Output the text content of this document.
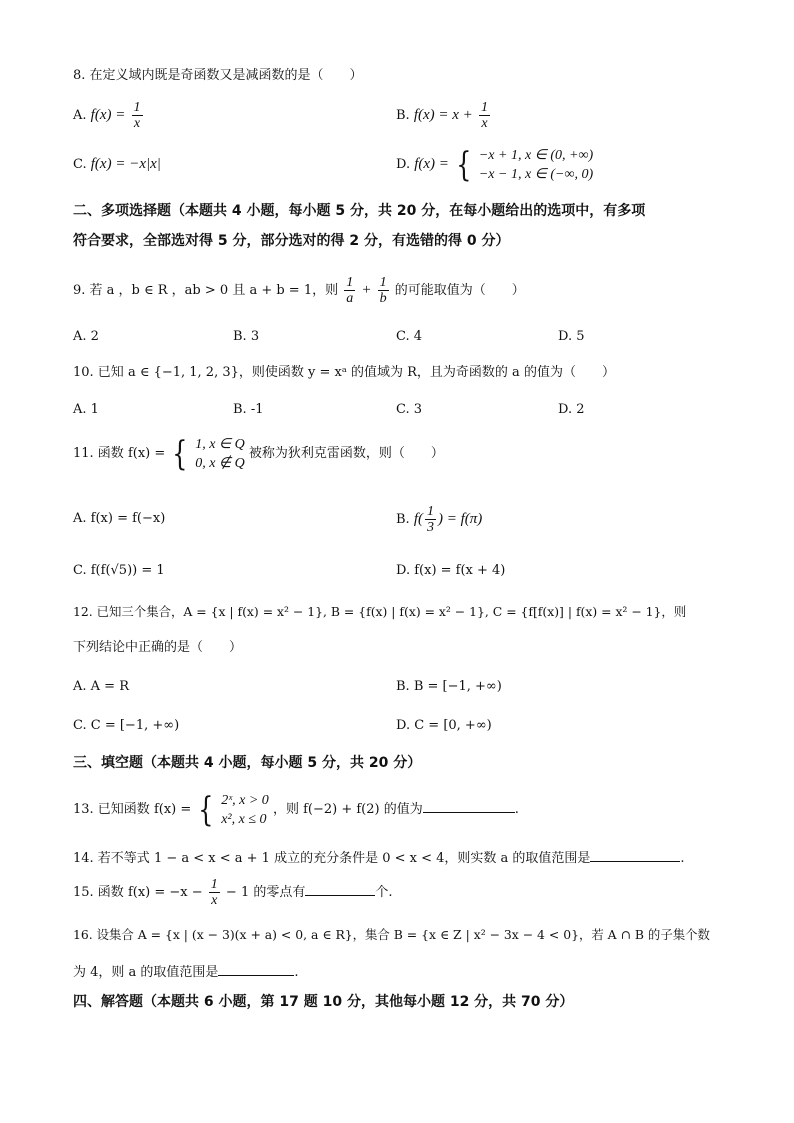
8. 在定义域内既是奇函数又是减函数的是（　　）
A. $f(x) = \frac{1}{x}$	B. $f(x) = x + \frac{1}{x}$
C. f(x) = −x|x|	D. f(x) = { −x + 1, x ∈ (0, +∞)
−x − 1, x ∈ (−∞, 0)
二、多项选择题（本题共 4 小题，每小题 5 分，共 20 分，在每小题给出的选项中，有多项
符合要求，全部选对得 5 分，部分选对的得 2 分，有选错的得 0 分）
9. 若 a ，b ∈ R ，ab > 0 且 a + b = 1，则 $\frac{1}{a} + \frac{1}{b}$ 的可能取值为（　　）
A. 2	B. 3	C. 4	D. 5
10. 已知 a ∈ {−1, 1, 2, 3}，则使函数 y = xᵃ 的值域为 R，且为奇函数的 a 的值为（　　）
A. 1	B. -1	C. 3	D. 2
11. 函数 f(x) = { 1, x ∈ Q
0, x ∉ Q
被称为狄利克雷函数，则（　　）
A. f(x) = f(−x)	B. $f( \frac{1}{3}$ ) = f(π)
C. f(f(√5)) = 1	D. f(x) = f(x + 4)
12. 已知三个集合，A = {x | f(x) = x² − 1}, B = {f(x) | f(x) = x² − 1}, C = {f[f(x)] | f(x) = x² − 1}，则
下列结论中正确的是（　　）
A. A = R	B. B = [−1, +∞)
C. C = [−1, +∞)	D. C = [0, +∞)
三、填空题（本题共 4 小题，每小题 5 分，共 20 分）
13. 已知函数 f(x) = { 2ˣ, x > 0
x², x ≤ 0
，则 f(−2) + f(2) 的值为	.
14. 若不等式 1 − a < x < a + 1 成立的充分条件是 0 < x < 4，则实数 a 的取值范围是	.
15. 函数 $f(x) = -x - \frac{1}{x} - 1$ 的零点有	个.
16. 设集合 A = {x | (x − 3)(x + a) < 0, a ∈ R}，集合 B = {x ∈ Z | x² − 3x − 4 < 0}，若 A ∩ B 的子集个数
为 4，则 a 的取值范围是	.
四、解答题（本题共 6 小题，第 17 题 10 分，其他每小题 12 分，共 70 分）
